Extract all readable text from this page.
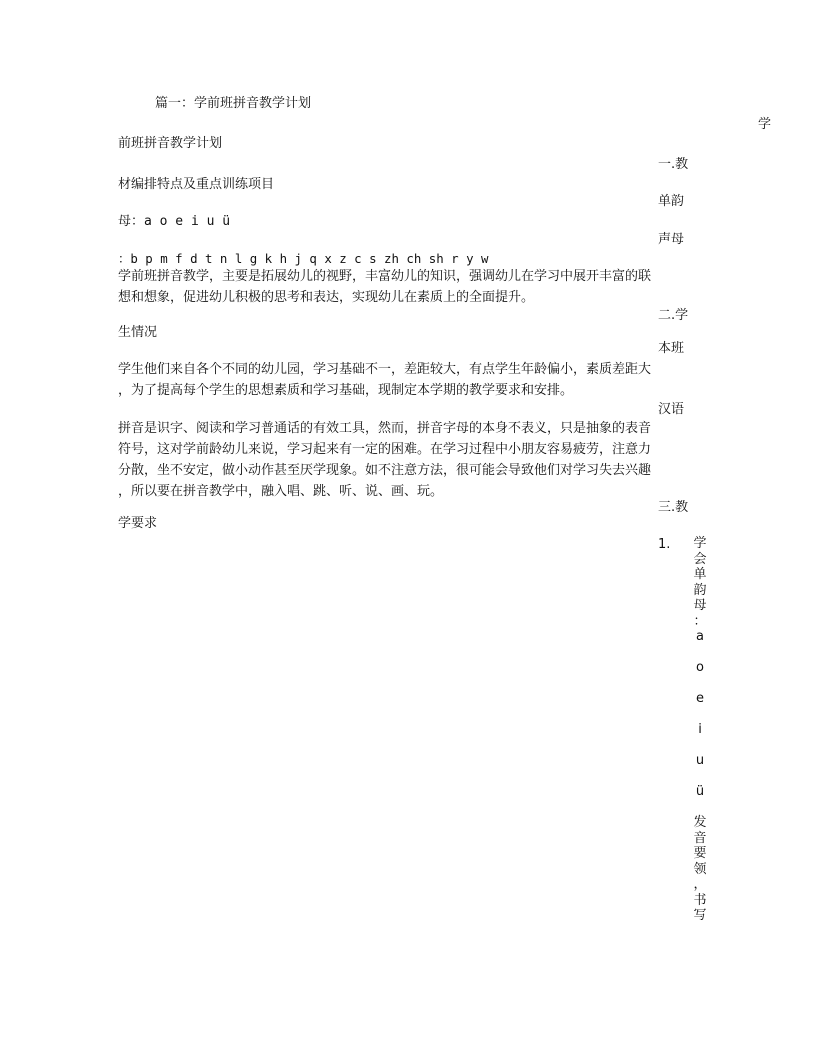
篇一：学前班拼音教学计划
学
前班拼音教学计划
一.教
材编排特点及重点训练项目
单韵
母：a o e i u ü
声母
：b p m f d t n l g k h j q x z c s zh ch sh r y w

学前班拼音教学，主要是拓展幼儿的视野，丰富幼儿的知识，强调幼儿在学习中展开丰富的联

想和想象，促进幼儿积极的思考和表达，实现幼儿在素质上的全面提升。

二.学
生情况
本班

学生他们来自各个不同的幼儿园，学习基础不一，差距较大，有点学生年龄偏小，素质差距大

，为了提高每个学生的思想素质和学习基础，现制定本学期的教学要求和安排。

汉语

拼音是识字、阅读和学习普通话的有效工具，然而，拼音字母的本身不表义，只是抽象的表音

符号，这对学前龄幼儿来说，学习起来有一定的困难。在学习过程中小朋友容易疲劳，注意力

分散，坐不安定，做小动作甚至厌学现象。如不注意方法，很可能会导致他们对学习失去兴趣

，所以要在拼音教学中，融入唱、跳、听、说、画、玩。

三.教
学要求
1. 学
会
单
韵
母
：
a
o
e
i
u
ü
发
音
要
领
，
书
写
